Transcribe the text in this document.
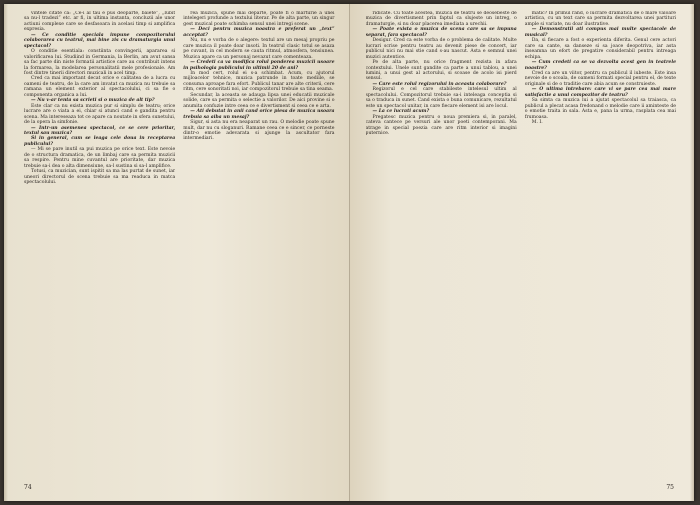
vintele citate ca: „Ce-i al tau e pus deoparte, baiete”, „Iubit sa nu-l tradezi” etc. ar fi, in ultima instanta, concluzii ale unor actiuni complexe care se desfasoara in acelasi timp si amplifica expresia.

— Ce conditie speciala impune compozitorului colaborarea cu teatrul, mai bine zis cu dramaturgia unui spectacol?

O conditie esentiala: constiinta convingerii, apararea si valorificarea lui. Studiind in Germania, la Berlin, am avut sansa sa fac parte din niste formatii artistice care au contribuit intens la formarea, la modelarea personalitatii mele profesionale. Am fost dintre tinerii directori muzicali in acel timp.

Cred ca mai important decat orice e calitatea de a lucra cu oameni de teatru, de la care am invatat ca muzica nu trebuie sa ramana un element exterior al spectacolului, ci sa fie o componenta organica a lui.

— Nu v-ar tenta sa scrieti si o muzica de alt tip?

Este clar ca nu exista muzica pur si simplu de teatru; orice lucrare are o viata a ei, chiar si atunci cand e gandita pentru scena. Ma intereseaza tot ce apare ca noutate in sfera sunetului, de la opera la simfonie.

— Intr-un asemenea spectacol, ce se cere prioritar, textul sau muzica?

Si in general, cum se leaga cele doua in receptarea publicului?

— Mi se pare inutil sa pui muzica pe orice text. Este nevoie de o structura dramatica, de un limbaj care sa permita muzicii sa respire. Pentru mine cuvantul are prioritate, dar muzica trebuie sa-i dea o alta dimensiune, sa-l sustina si sa-l amplifice.

Totusi, ca muzician, sunt ispitit sa ma las purtat de sunet, iar uneori directorul de scena trebuie sa ma readuca in matca spectacolului.

rea muzica, spune mai departe, poate fi o marturie a unei intelegeri profunde a textului literar. Pe de alta parte, un singur gest muzical poate schimba sensul unei intregi scene.

— Deci pentru muzica noastra e preferat un „text” acceptat?

Nu, nu e vorba de o alegere: textul are un mesaj propriu pe care muzica il poate doar insoti. In teatrul clasic totul se asaza pe cuvant, in cel modern se cauta ritmul, atmosfera, tensiunea. Muzica apare ca un personaj nevazut care comenteaza.

— Credeti ca va modifica rolul ponderea muzicii usoare in psihologia publicului in ultimii 20 de ani?

In mod cert, rolul ei s-a schimbat. Acum, cu ajutorul mijloacelor tehnice, muzica patrunde in toate mediile, se consuma aproape fara efort. Publicul tanar are alte criterii, cere ritm, cere sonoritati noi, iar compozitorul trebuie sa tina seama.

Secundar, la aceasta se adauga lipsa unei educatii muzicale solide, care sa permita o selectie a valorilor. De aici provine si o anumita confuzie intre ceea ce e divertisment si ceea ce e arta.

— Ati debutat in anii cand orice piesa de muzica usoara trebuia sa aiba un mesaj?

Sigur, si asta nu era neaparat un rau. O melodie poate spune mult, dar nu cu sloganuri. Ramane ceea ce e sincer, ce porneste dintr-o emotie adevarata si ajunge la ascultator fara intermediari.

74

ridicate. Cu toate acestea, muzica de teatru se deosebeste de muzica de divertisment prin faptul ca slujeste un intreg, o dramaturgie, si nu doar placerea imediata a urechii.

— Poate exista o muzica de scena care sa se impuna separat, fara spectacol?

Desigur. Cred ca este vorba de o problema de calitate. Multe lucrari scrise pentru teatru au devenit piese de concert, iar publicul nici nu mai stie cand s-au nascut. Asta e semnul unei muzici autentice.

Pe de alta parte, nu orice fragment rezista in afara contextului. Unele sunt gandite ca parte a unui tablou, a unei lumini, a unui gest al actorului, si scoase de acolo isi pierd sensul.

— Care este rolul regizorului in aceasta colaborare?

Regizorul e cel care stabileste intelesul ultim al spectacolului. Compozitorul trebuie sa-i inteleaga conceptia si sa o traduca in sunet. Cand exista o buna comunicare, rezultatul este un spectacol unitar, in care fiecare element isi are locul.

— La ce lucrati acum?

Pregatesc muzica pentru o noua premiera si, in paralel, cateva cantece pe versuri ale unor poeti contemporani. Ma atrage in special poezia care are ritm interior si imagini puternice.

matic? In primul rand, o lucrare dramatica de o mare valoare artistica, cu un text care sa permita dezvoltarea unei partituri ample si variate, nu doar ilustrative.

— Demonstratii ati compus mai multe spectacole de musical?

Da, si fiecare a fost o experienta diferita. Genul cere actori care sa cante, sa danseze si sa joace deopotriva, iar asta inseamna un efort de pregatire considerabil pentru intreaga echipa.

— Cum credeti ca se va dezvolta acest gen in teatrele noastre?

Cred ca are un viitor, pentru ca publicul il iubeste. Este insa nevoie de o scoala, de oameni formati special pentru el, de texte originale si de o traditie care abia acum se construieste.

— O ultima intrebare: care vi se pare cea mai mare satisfactie a unui compozitor de teatru?

Sa simta ca muzica lui a ajutat spectacolul sa traiasca, ca publicul a plecat acasa fredonand o melodie care ii aminteste de o emotie traita in sala. Asta e, pana la urma, rasplata cea mai frumoasa.

M. I.

75
